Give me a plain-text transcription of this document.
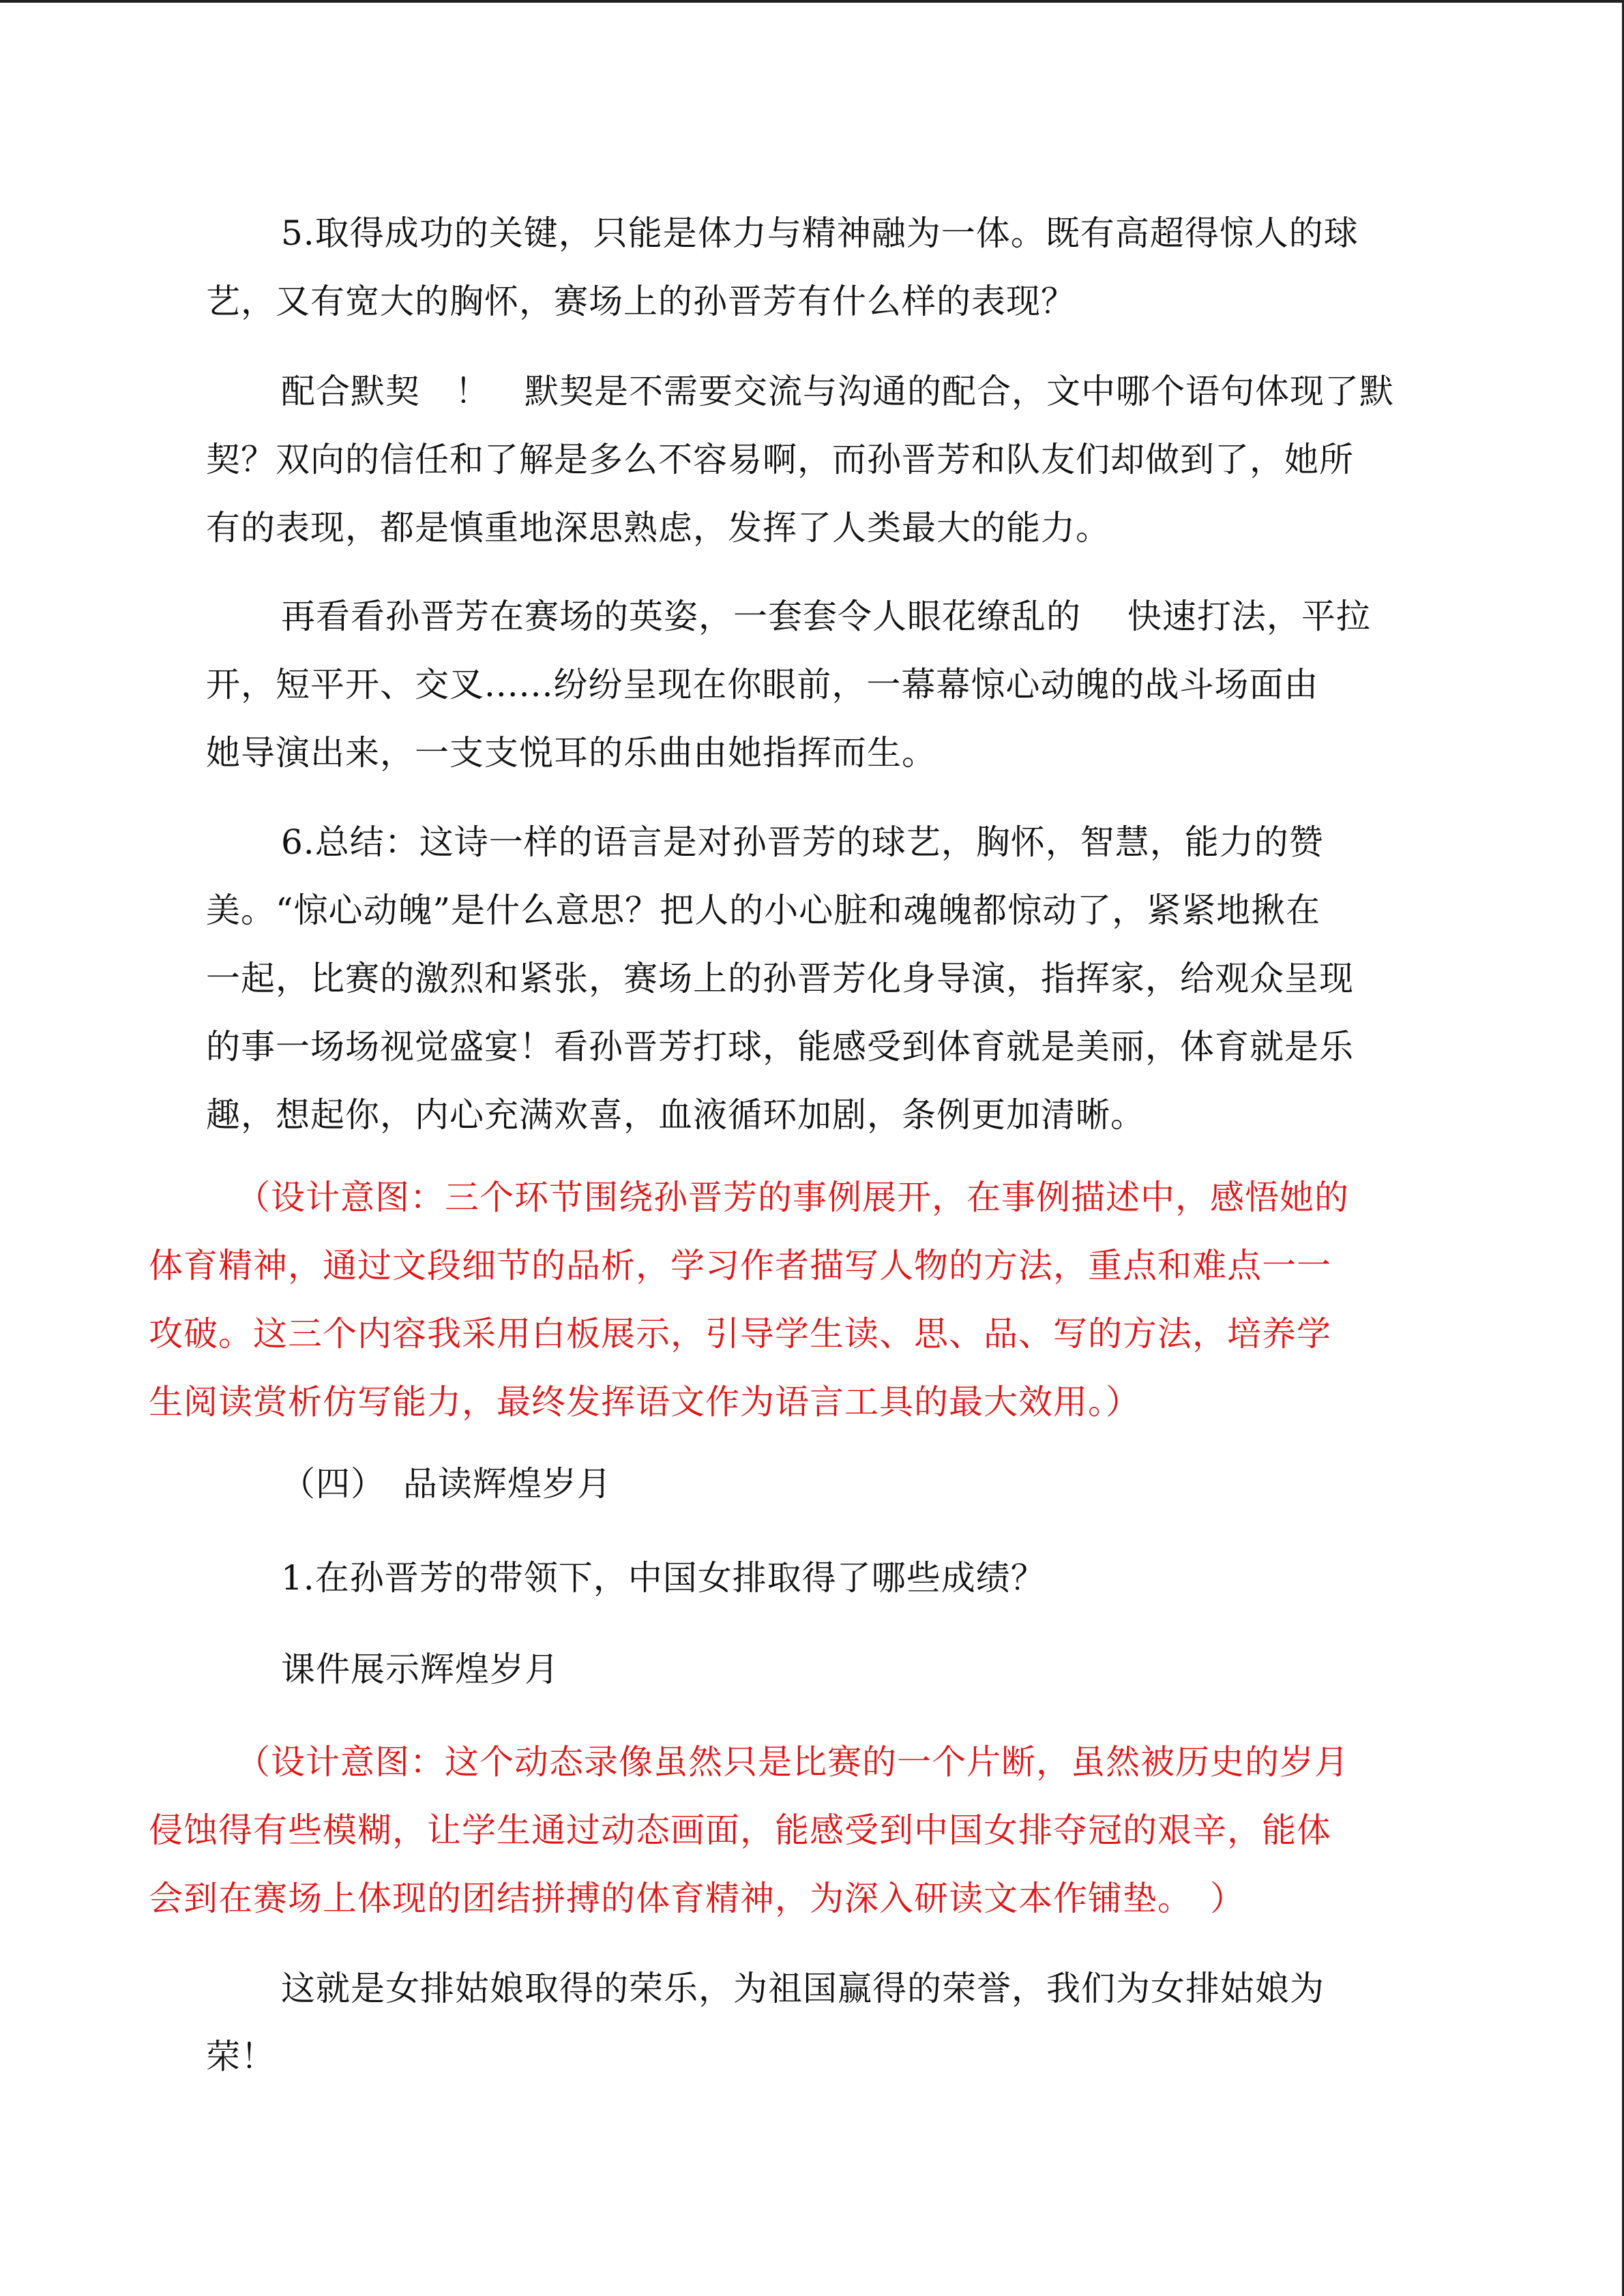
5.取得成功的关键，只能是体力与精神融为一体。既有高超得惊人的球
艺，又有宽大的胸怀，赛场上的孙晋芳有什么样的表现？
配合默契　！　默契是不需要交流与沟通的配合，文中哪个语句体现了默
契？双向的信任和了解是多么不容易啊，而孙晋芳和队友们却做到了，她所
有的表现，都是慎重地深思熟虑，发挥了人类最大的能力。
再看看孙晋芳在赛场的英姿，一套套令人眼花缭乱的　 快速打法，平拉
开，短平开、交叉......纷纷呈现在你眼前，一幕幕惊心动魄的战斗场面由
她导演出来，一支支悦耳的乐曲由她指挥而生。
6.总结：这诗一样的语言是对孙晋芳的球艺，胸怀，智慧，能力的赞
美。“惊心动魄”是什么意思？把人的小心脏和魂魄都惊动了，紧紧地揪在
一起，比赛的激烈和紧张，赛场上的孙晋芳化身导演，指挥家，给观众呈现
的事一场场视觉盛宴！看孙晋芳打球，能感受到体育就是美丽，体育就是乐
趣，想起你，内心充满欢喜，血液循环加剧，条例更加清晰。
（设计意图：三个环节围绕孙晋芳的事例展开，在事例描述中，感悟她的
体育精神，通过文段细节的品析，学习作者描写人物的方法，重点和难点一一
攻破。这三个内容我采用白板展示，引导学生读、思、品、写的方法，培养学
生阅读赏析仿写能力，最终发挥语文作为语言工具的最大效用。）
（四）　品读辉煌岁月
1.在孙晋芳的带领下，中国女排取得了哪些成绩？
课件展示辉煌岁月
（设计意图：这个动态录像虽然只是比赛的一个片断，虽然被历史的岁月
侵蚀得有些模糊，让学生通过动态画面，能感受到中国女排夺冠的艰辛，能体
会到在赛场上体现的团结拼搏的体育精神，为深入研读文本作铺垫。　）
这就是女排姑娘取得的荣乐，为祖国赢得的荣誉，我们为女排姑娘为
荣！
